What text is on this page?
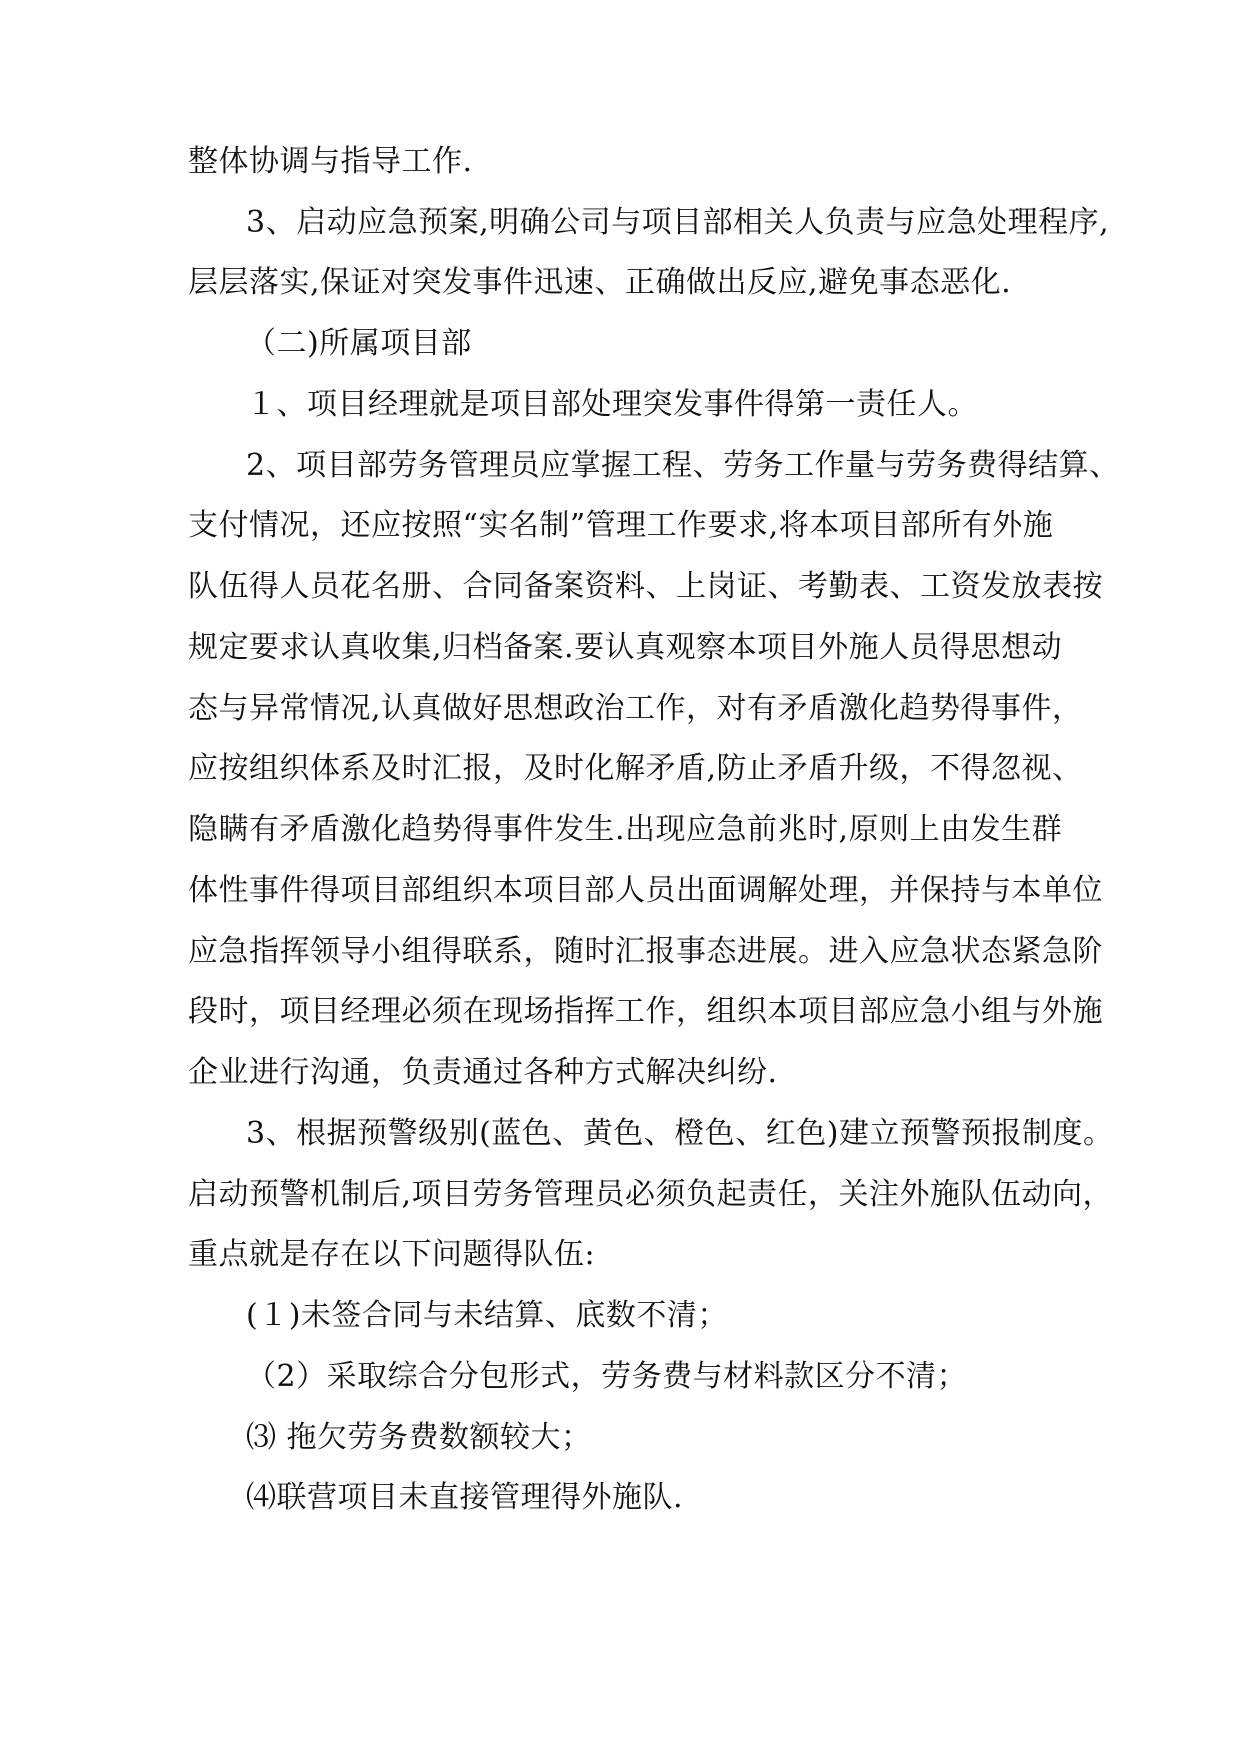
整体协调与指导工作.
3、启动应急预案,明确公司与项目部相关人负责与应急处理程序,
层层落实,保证对突发事件迅速、正确做出反应,避免事态恶化.
（二)所属项目部
１、项目经理就是项目部处理突发事件得第一责任人。
2、项目部劳务管理员应掌握工程、劳务工作量与劳务费得结算、
支付情况，还应按照“实名制”管理工作要求,将本项目部所有外施
队伍得人员花名册、合同备案资料、上岗证、考勤表、工资发放表按
规定要求认真收集,归档备案.要认真观察本项目外施人员得思想动
态与异常情况,认真做好思想政治工作，对有矛盾激化趋势得事件，
应按组织体系及时汇报，及时化解矛盾,防止矛盾升级，不得忽视、
隐瞒有矛盾激化趋势得事件发生.出现应急前兆时,原则上由发生群
体性事件得项目部组织本项目部人员出面调解处理，并保持与本单位
应急指挥领导小组得联系，随时汇报事态进展。进入应急状态紧急阶
段时，项目经理必须在现场指挥工作，组织本项目部应急小组与外施
企业进行沟通，负责通过各种方式解决纠纷.
3、根据预警级别(蓝色、黄色、橙色、红色)建立预警预报制度。
启动预警机制后,项目劳务管理员必须负起责任，关注外施队伍动向，
重点就是存在以下问题得队伍:
(１)未签合同与未结算、底数不清；
（2）采取综合分包形式，劳务费与材料款区分不清；
⑶ 拖欠劳务费数额较大；
⑷联营项目未直接管理得外施队.
